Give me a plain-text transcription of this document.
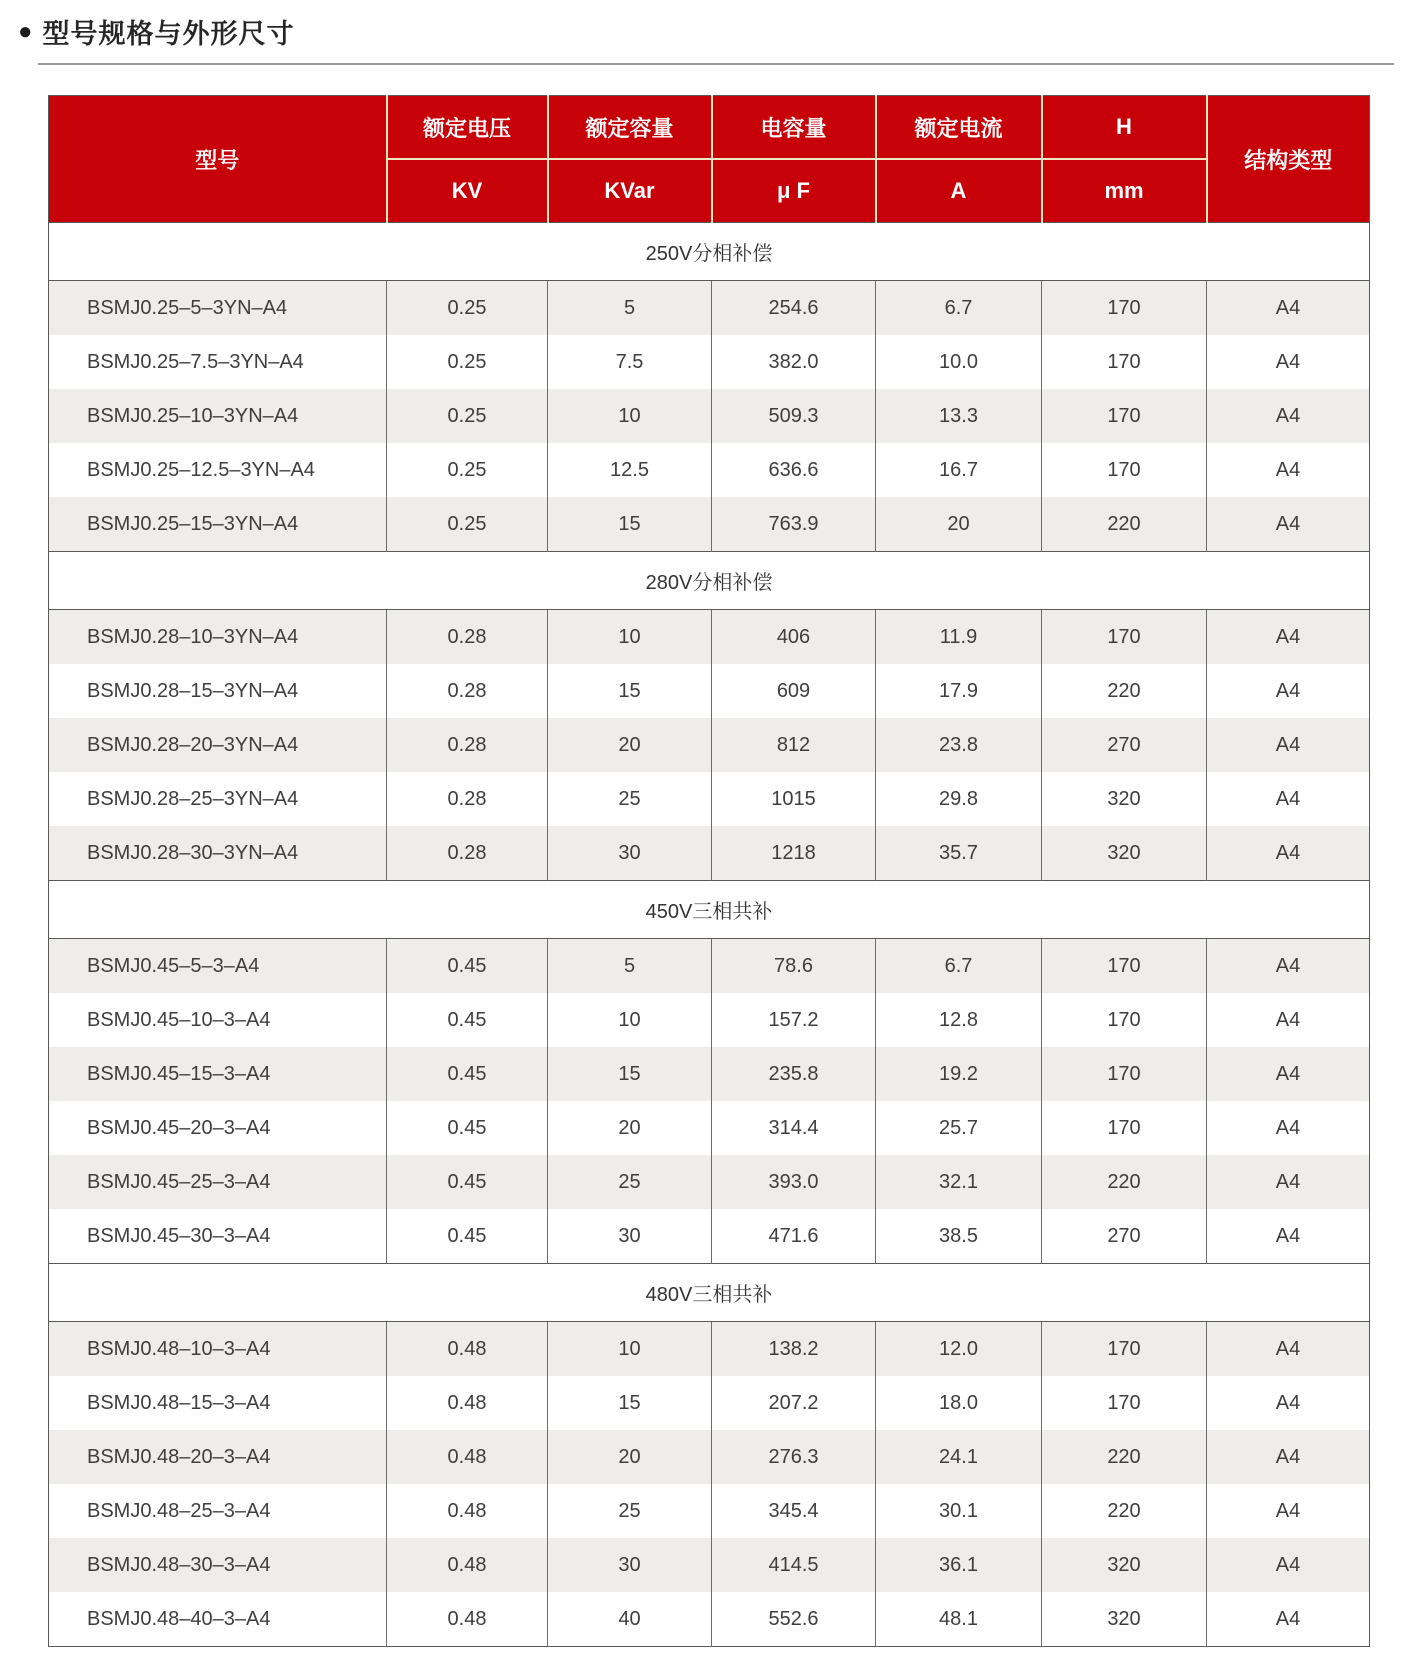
● 型号规格与外形尺寸
型号	额定电压	额定容量	电容量	额定电流	H	结构类型
	KV	KVar	μ F	A	mm	
250V分相补偿						
BSMJ0.25–5–3YN–A4	0.25	5	254.6	6.7	170	A4
BSMJ0.25–7.5–3YN–A4	0.25	7.5	382.0	10.0	170	A4
BSMJ0.25–10–3YN–A4	0.25	10	509.3	13.3	170	A4
BSMJ0.25–12.5–3YN–A4	0.25	12.5	636.6	16.7	170	A4
BSMJ0.25–15–3YN–A4	0.25	15	763.9	20	220	A4
280V分相补偿						
BSMJ0.28–10–3YN–A4	0.28	10	406	11.9	170	A4
BSMJ0.28–15–3YN–A4	0.28	15	609	17.9	220	A4
BSMJ0.28–20–3YN–A4	0.28	20	812	23.8	270	A4
BSMJ0.28–25–3YN–A4	0.28	25	1015	29.8	320	A4
BSMJ0.28–30–3YN–A4	0.28	30	1218	35.7	320	A4
450V三相共补						
BSMJ0.45–5–3–A4	0.45	5	78.6	6.7	170	A4
BSMJ0.45–10–3–A4	0.45	10	157.2	12.8	170	A4
BSMJ0.45–15–3–A4	0.45	15	235.8	19.2	170	A4
BSMJ0.45–20–3–A4	0.45	20	314.4	25.7	170	A4
BSMJ0.45–25–3–A4	0.45	25	393.0	32.1	220	A4
BSMJ0.45–30–3–A4	0.45	30	471.6	38.5	270	A4
480V三相共补						
BSMJ0.48–10–3–A4	0.48	10	138.2	12.0	170	A4
BSMJ0.48–15–3–A4	0.48	15	207.2	18.0	170	A4
BSMJ0.48–20–3–A4	0.48	20	276.3	24.1	220	A4
BSMJ0.48–25–3–A4	0.48	25	345.4	30.1	220	A4
BSMJ0.48–30–3–A4	0.48	30	414.5	36.1	320	A4
BSMJ0.48–40–3–A4	0.48	40	552.6	48.1	320	A4
